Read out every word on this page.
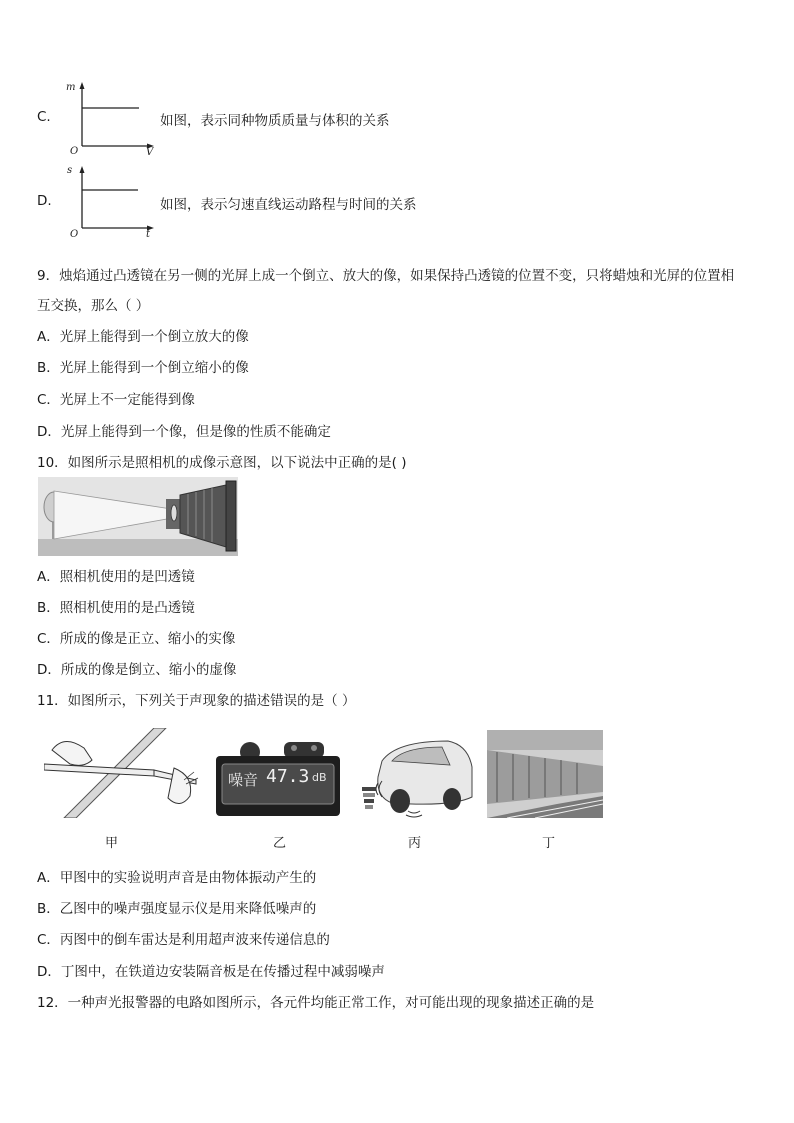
C.
m
O	V
如图，表示同种物质质量与体积的关系
D.
s
O	t
如图，表示匀速直线运动路程与时间的关系
9．烛焰通过凸透镜在另一侧的光屏上成一个倒立、放大的像，如果保持凸透镜的位置不变，只将蜡烛和光屏的位置相
互交换，那么（ ）
A．光屏上能得到一个倒立放大的像
B．光屏上能得到一个倒立缩小的像
C．光屏上不一定能得到像
D．光屏上能得到一个像，但是像的性质不能确定
10．如图所示是照相机的成像示意图，以下说法中正确的是( )
A．照相机使用的是凹透镜
B．照相机使用的是凸透镜
C．所成的像是正立、缩小的实像
D．所成的像是倒立、缩小的虚像
11．如图所示，下列关于声现象的描述错误的是（ ）
噪音 47.3 dB
甲	乙	丙	丁
A．甲图中的实验说明声音是由物体振动产生的
B．乙图中的噪声强度显示仪是用来降低噪声的
C．丙图中的倒车雷达是利用超声波来传递信息的
D．丁图中，在铁道边安装隔音板是在传播过程中减弱噪声
12．一种声光报警器的电路如图所示，各元件均能正常工作，对可能出现的现象描述正确的是
